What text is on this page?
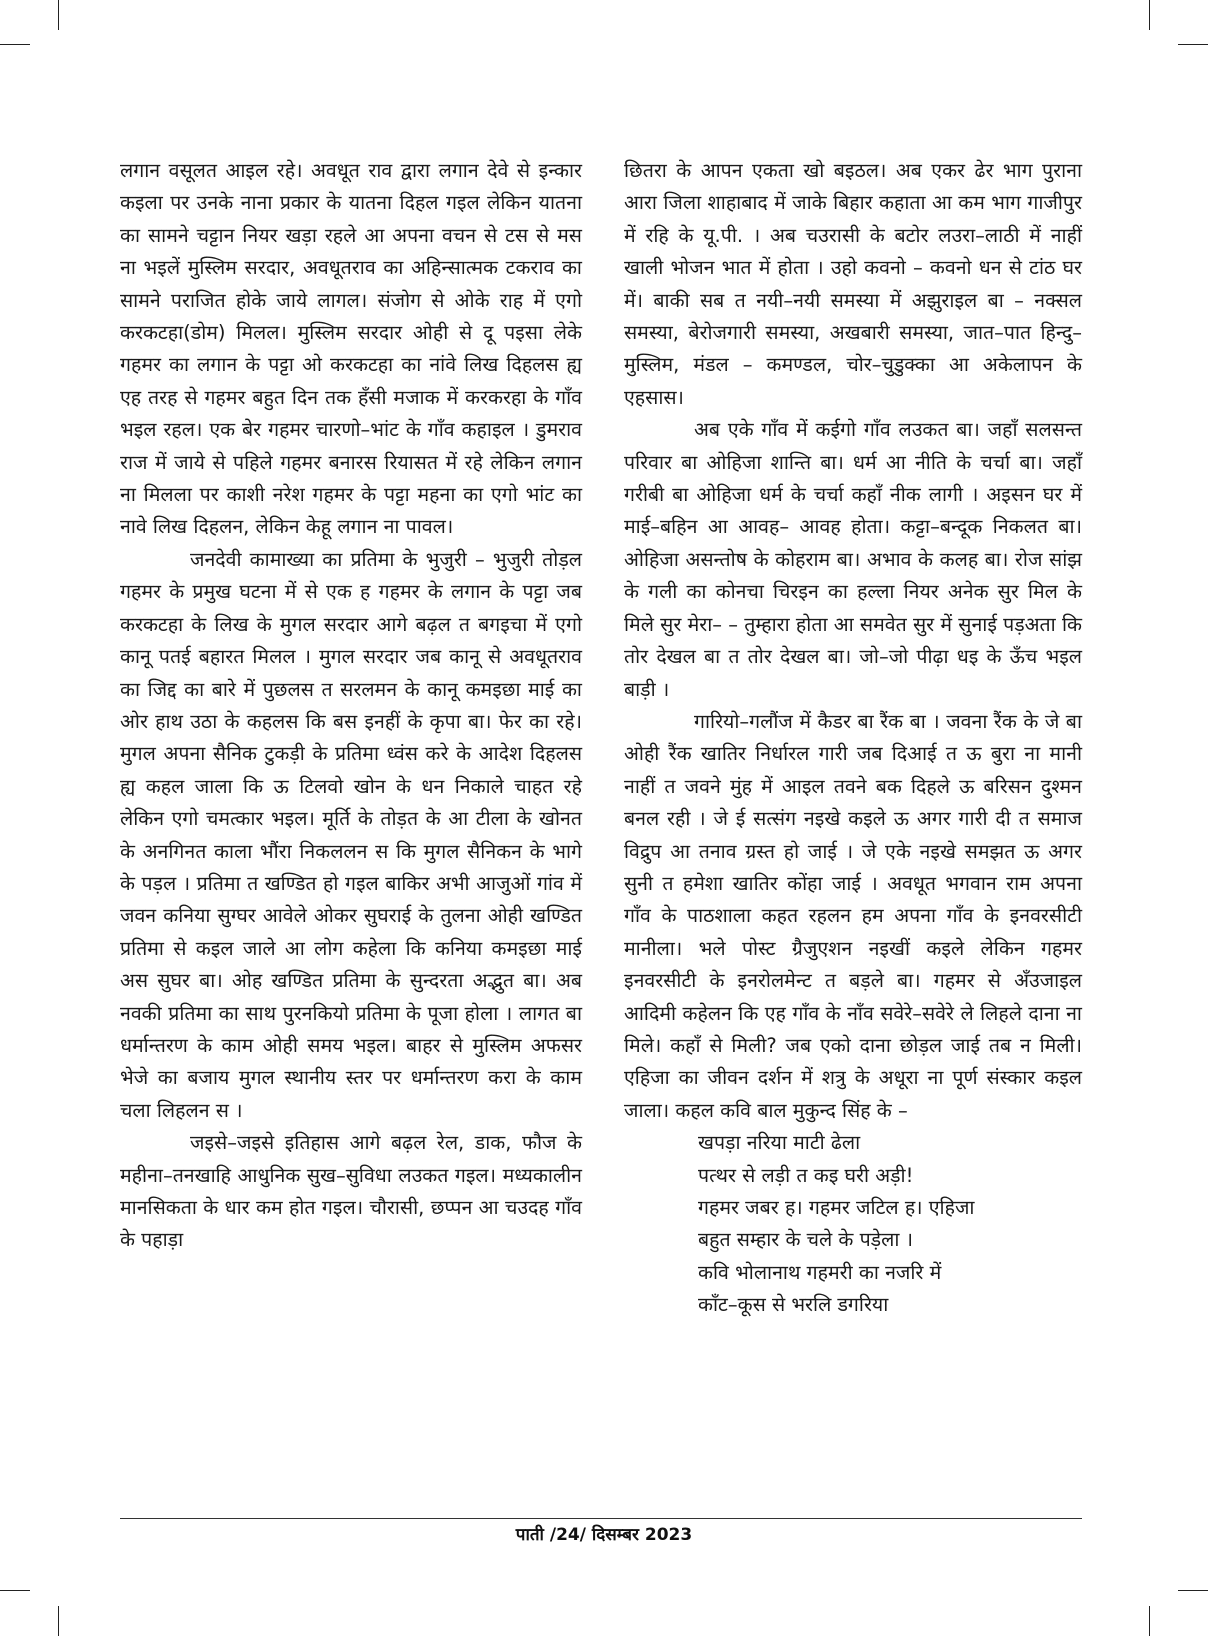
लगान वसूलत आइल रहे। अवधूत राव द्वारा लगान देवे से इन्कार कइला पर उनके नाना प्रकार के यातना दिहल गइल लेकिन यातना का सामने चट्टान नियर खड़ा रहले आ अपना वचन से टस से मस ना भइलें मुस्लिम सरदार, अवधूतराव का अहिन्सात्मक टकराव का सामने पराजित होके जाये लागल। संजोग से ओके राह में एगो करकटहा(डोम) मिलल। मुस्लिम सरदार ओही से दू पइसा लेके गहमर का लगान के पट्टा ओ करकटहा का नांवे लिख दिहलस ह्य एह तरह से गहमर बहुत दिन तक हँसी मजाक में करकरहा के गाँव भइल रहल। एक बेर गहमर चारणो–भांट के गाँव कहाइल । डुमराव राज में जाये से पहिले गहमर बनारस रियासत में रहे लेकिन लगान ना मिलला पर काशी नरेश गहमर के पट्टा महना का एगो भांट का नावे लिख दिहलन, लेकिन केहू लगान ना पावल।

जनदेवी कामाख्या का प्रतिमा के भुजुरी – भुजुरी तोड़ल गहमर के प्रमुख घटना में से एक ह गहमर के लगान के पट्टा जब करकटहा के लिख के मुगल सरदार आगे बढ़ल त बगइचा में एगो कानू पतई बहारत मिलल । मुगल सरदार जब कानू से अवधूतराव का जिद्द का बारे में पुछलस त सरलमन के कानू कमइछा माई का ओर हाथ उठा के कहलस कि बस इनहीं के कृपा बा। फेर का रहे। मुगल अपना सैनिक टुकड़ी के प्रतिमा ध्वंस करे के आदेश दिहलस ह्य कहल जाला कि ऊ टिलवो खोन के धन निकाले चाहत रहे लेकिन एगो चमत्कार भइल। मूर्ति के तोड़त के आ टीला के खोनत के अनगिनत काला भौंरा निकललन स कि मुगल सैनिकन के भागे के पड़ल । प्रतिमा त खण्डित हो गइल बाकिर अभी आजुओं गांव में जवन कनिया सुग्घर आवेले ओकर सुघराई के तुलना ओही खण्डित प्रतिमा से कइल जाले आ लोग कहेला कि कनिया कमइछा माई अस सुघर बा। ओह खण्डित प्रतिमा के सुन्दरता अद्भुत बा। अब नवकी प्रतिमा का साथ पुरनकियो प्रतिमा के पूजा होला । लागत बा धर्मान्तरण के काम ओही समय भइल। बाहर से मुस्लिम अफसर भेजे का बजाय मुगल स्थानीय स्तर पर धर्मान्तरण करा के काम चला लिहलन स ।

जइसे–जइसे इतिहास आगे बढ़ल रेल, डाक, फौज के महीना–तनखाहि आधुनिक सुख–सुविधा लउकत गइल। मध्यकालीन मानसिकता के धार कम होत गइल। चौरासी, छप्पन आ चउदह गाँव के पहाड़ा

छितरा के आपन एकता खो बइठल। अब एकर ढेर भाग पुराना आरा जिला शाहाबाद में जाके बिहार कहाता आ कम भाग गाजीपुर में रहि के यू.पी. । अब चउरासी के बटोर लउरा–लाठी में नाहीं खाली भोजन भात में होता । उहो कवनो – कवनो धन से टांठ घर में। बाकी सब त नयी–नयी समस्या में अझुराइल बा – नक्सल समस्या, बेरोजगारी समस्या, अखबारी समस्या, जात–पात हिन्दु–मुस्लिम, मंडल – कमण्डल, चोर–चुडुक्का आ अकेलापन के एहसास।

अब एके गाँव में कईगो गाँव लउकत बा। जहाँ सलसन्त परिवार बा ओहिजा शान्ति बा। धर्म आ नीति के चर्चा बा। जहाँ गरीबी बा ओहिजा धर्म के चर्चा कहाँ नीक लागी । अइसन घर में माई–बहिन आ आवह– आवह होता। कट्टा–बन्दूक निकलत बा। ओहिजा असन्तोष के कोहराम बा। अभाव के कलह बा। रोज सांझ के गली का कोनचा चिरइन का हल्ला नियर अनेक सुर मिल के मिले सुर मेरा– – तुम्हारा होता आ समवेत सुर में सुनाई पड़अता कि तोर देखल बा त तोर देखल बा। जो–जो पीढ़ा धइ के ऊँच भइल बाड़ी ।

गारियो–गलौंज में कैडर बा रैंक बा । जवना रैंक के जे बा ओही रैंक खातिर निर्धारल गारी जब दिआई त ऊ बुरा ना मानी नाहीं त जवने मुंह में आइल तवने बक दिहले ऊ बरिसन दुश्मन बनल रही । जे ई सत्संग नइखे कइले ऊ अगर गारी दी त समाज विद्रुप आ तनाव ग्रस्त हो जाई । जे एके नइखे समझत ऊ अगर सुनी त हमेशा खातिर कोंहा जाई । अवधूत भगवान राम अपना गाँव के पाठशाला कहत रहलन हम अपना गाँव के इनवरसीटी मानीला। भले पोस्ट ग्रैजुएशन नइखीं कइले लेकिन गहमर इनवरसीटी के इनरोलमेन्ट त बड़ले बा। गहमर से अँउजाइल आदिमी कहेलन कि एह गाँव के नाँव सवेरे–सवेरे ले लिहले दाना ना मिले। कहाँ से मिली? जब एको दाना छोड़ल जाई तब न मिली। एहिजा का जीवन दर्शन में शत्रु के अधूरा ना पूर्ण संस्कार कइल जाला। कहल कवि बाल मुकुन्द सिंह के –

खपड़ा नरिया माटी ढेला
पत्थर से लड़ी त कइ घरी अड़ी!
गहमर जबर ह। गहमर जटिल ह। एहिजा
बहुत सम्हार के चले के पड़ेला ।
कवि भोलानाथ गहमरी का नजरि में
काँट–कूस से भरलि डगरिया
पाती /24/ दिसम्बर 2023
